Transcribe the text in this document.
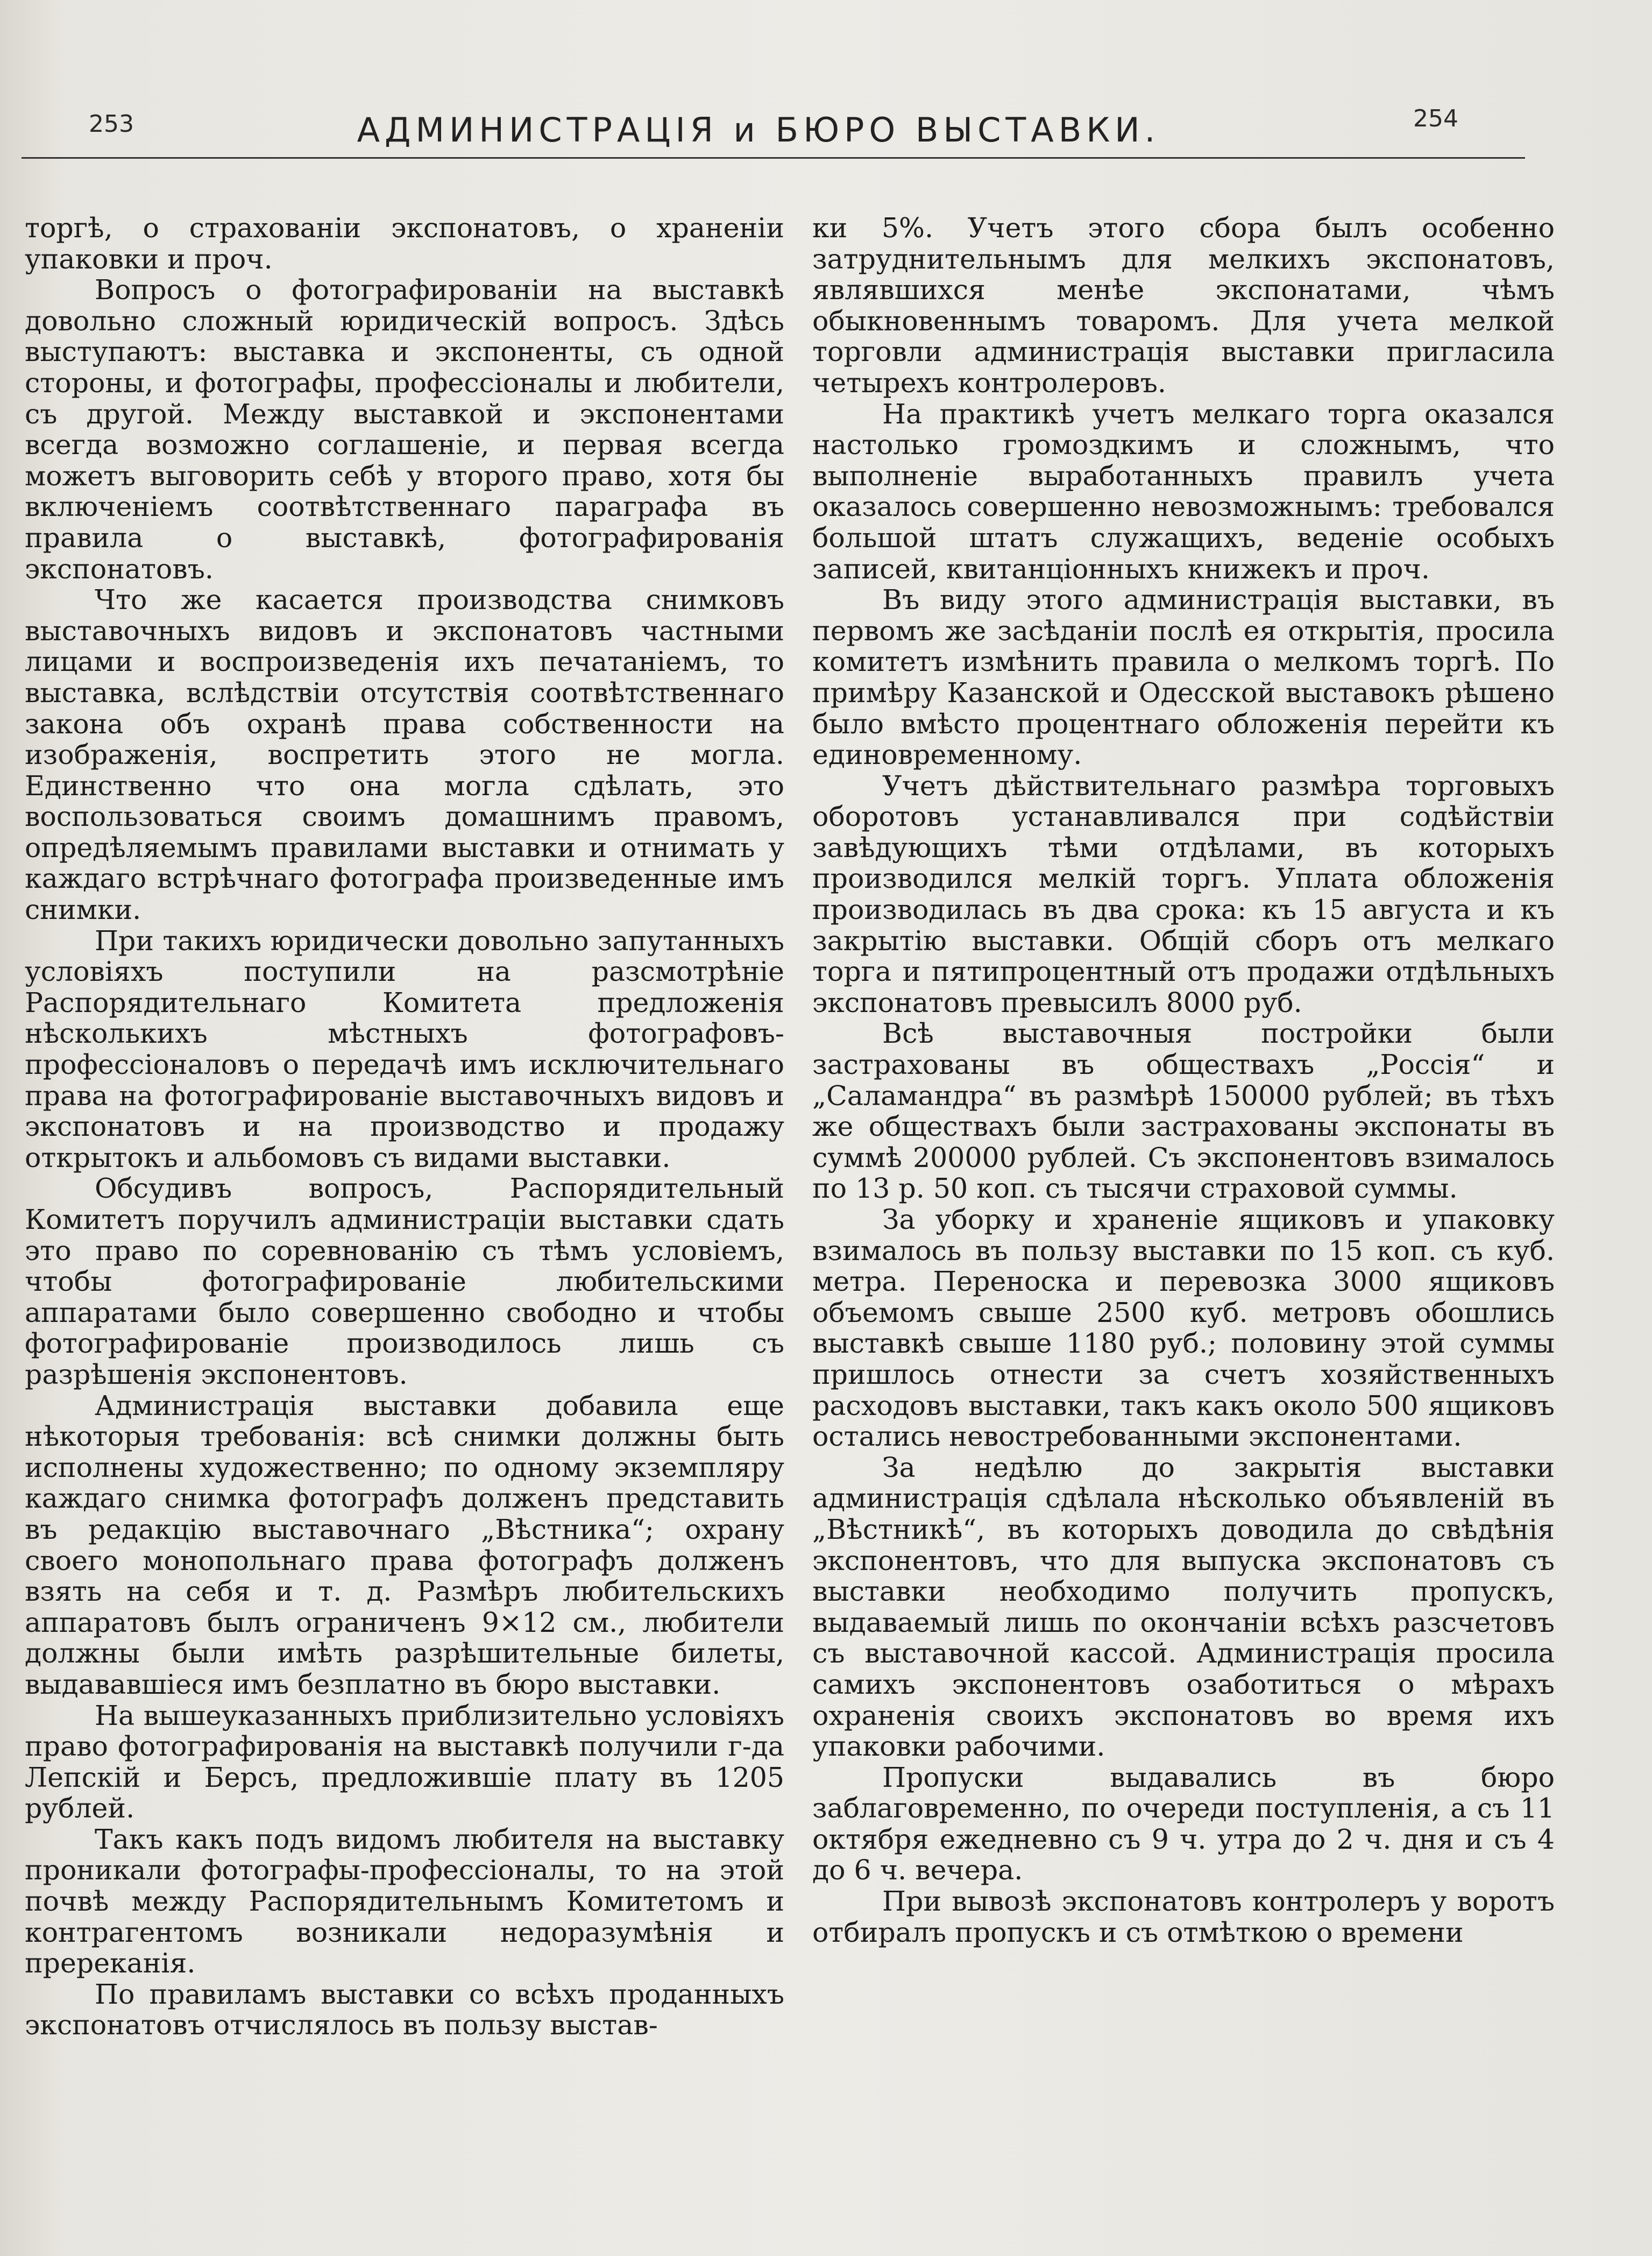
253	АДМИНИСТРАЦІЯ и БЮРО ВЫСТАВКИ.	254

торгѣ, о страхованіи экспонатовъ, о храненіи упаковки и проч.

Вопросъ о фотографированіи на выставкѣ довольно сложный юридическій вопросъ. Здѣсь выступаютъ: выставка и экспоненты, съ одной стороны, и фотографы, профессіоналы и любители, съ другой. Между выставкой и экспонентами всегда возможно соглашеніе, и первая всегда можетъ выговорить себѣ у второго право, хотя бы включеніемъ соотвѣтственнаго параграфа въ правила о выставкѣ, фотографированія экспонатовъ.

Что же касается производства снимковъ выставочныхъ видовъ и экспонатовъ частными лицами и воспроизведенія ихъ печатаніемъ, то выставка, вслѣдствіи отсутствія соотвѣтственнаго закона объ охранѣ права собственности на изображенія, воспретить этого не могла. Единственно что она могла сдѣлать, это воспользоваться своимъ домашнимъ правомъ, опредѣляемымъ правилами выставки и отнимать у каждаго встрѣчнаго фотографа произведенные имъ снимки.

При такихъ юридически довольно запутанныхъ условіяхъ поступили на разсмотрѣніе Распорядительнаго Комитета предложенія нѣсколькихъ мѣстныхъ фотографовъ-профессіоналовъ о передачѣ имъ исключительнаго права на фотографированіе выставочныхъ видовъ и экспонатовъ и на производство и продажу открытокъ и альбомовъ съ видами выставки.

Обсудивъ вопросъ, Распорядительный Комитетъ поручилъ администраціи выставки сдать это право по соревнованію съ тѣмъ условіемъ, чтобы фотографированіе любительскими аппаратами было совершенно свободно и чтобы фотографированіе производилось лишь съ разрѣшенія экспонентовъ.

Администрація выставки добавила еще нѣкоторыя требованія: всѣ снимки должны быть исполнены художественно; по одному экземпляру каждаго снимка фотографъ долженъ представить въ редакцію выставочнаго „Вѣстника“; охрану своего монопольнаго права фотографъ долженъ взять на себя и т. д. Размѣръ любительскихъ аппаратовъ былъ ограниченъ 9×12 см., любители должны были имѣть разрѣшительные билеты, выдававшіеся имъ безплатно въ бюро выставки.

На вышеуказанныхъ приблизительно условіяхъ право фотографированія на выставкѣ получили г-да Лепскій и Берсъ, предложившіе плату въ 1205 рублей.

Такъ какъ подъ видомъ любителя на выставку проникали фотографы-профессіоналы, то на этой почвѣ между Распорядительнымъ Комитетомъ и контрагентомъ возникали недоразумѣнія и пререканія.

По правиламъ выставки со всѣхъ проданныхъ экспонатовъ отчислялось въ пользу выстав-

ки 5%. Учетъ этого сбора былъ особенно затруднительнымъ для мелкихъ экспонатовъ, являвшихся менѣе экспонатами, чѣмъ обыкновеннымъ товаромъ. Для учета мелкой торговли администрація выставки пригласила четырехъ контролеровъ.

На практикѣ учетъ мелкаго торга оказался настолько громоздкимъ и сложнымъ, что выполненіе выработанныхъ правилъ учета оказалось совершенно невозможнымъ: требовался большой штатъ служащихъ, веденіе особыхъ записей, квитанціонныхъ книжекъ и проч.

Въ виду этого администрація выставки, въ первомъ же засѣданіи послѣ ея открытія, просила комитетъ измѣнить правила о мелкомъ торгѣ. По примѣру Казанской и Одесской выставокъ рѣшено было вмѣсто процентнаго обложенія перейти къ единовременному.

Учетъ дѣйствительнаго размѣра торговыхъ оборотовъ устанавливался при содѣйствіи завѣдующихъ тѣми отдѣлами, въ которыхъ производился мелкій торгъ. Уплата обложенія производилась въ два срока: къ 15 августа и къ закрытію выставки. Общій сборъ отъ мелкаго торга и пятипроцентный отъ продажи отдѣльныхъ экспонатовъ превысилъ 8000 руб.

Всѣ выставочныя постройки были застрахованы въ обществахъ „Россія“ и „Саламандра“ въ размѣрѣ 150000 рублей; въ тѣхъ же обществахъ были застрахованы экспонаты въ суммѣ 200000 рублей. Съ экспонентовъ взималось по 13 р. 50 коп. съ тысячи страховой суммы.

За уборку и храненіе ящиковъ и упаковку взималось въ пользу выставки по 15 коп. съ куб. метра. Переноска и перевозка 3000 ящиковъ объемомъ свыше 2500 куб. метровъ обошлись выставкѣ свыше 1180 руб.; половину этой суммы пришлось отнести за счетъ хозяйственныхъ расходовъ выставки, такъ какъ около 500 ящиковъ остались невостребованными экспонентами.

За недѣлю до закрытія выставки администрація сдѣлала нѣсколько объявленій въ „Вѣстникѣ“, въ которыхъ доводила до свѣдѣнія экспонентовъ, что для выпуска экспонатовъ съ выставки необходимо получить пропускъ, выдаваемый лишь по окончаніи всѣхъ разсчетовъ съ выставочной кассой. Администрація просила самихъ экспонентовъ озаботиться о мѣрахъ охраненія своихъ экспонатовъ во время ихъ упаковки рабочими.

Пропуски выдавались въ бюро заблаговременно, по очереди поступленія, а съ 11 октября ежедневно съ 9 ч. утра до 2 ч. дня и съ 4 до 6 ч. вечера.

При вывозѣ экспонатовъ контролеръ у воротъ отбиралъ пропускъ и съ отмѣткою о времени
